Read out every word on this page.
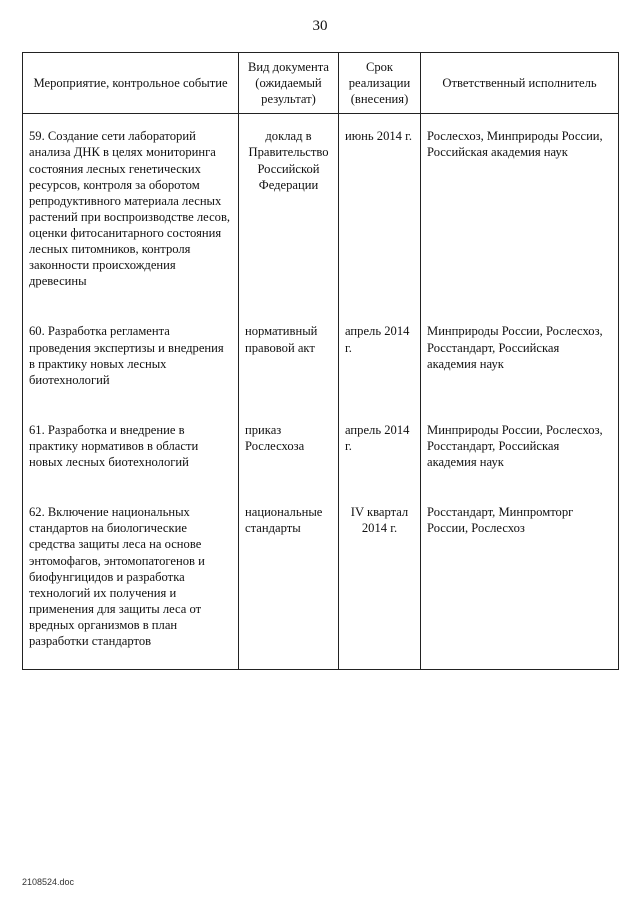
30
Мероприятие, контрольное событие	Вид документа (ожидаемый результат)	Срок реализации (внесения)	Ответственный исполнитель
59. Создание сети лабораторий анализа ДНК в целях мониторинга состояния лесных генетических ресурсов, контроля за оборотом репродуктивного материала лесных растений при воспроизводстве лесов, оценки фитосанитарного состояния лесных питомников, контроля законности происхождения древесины	доклад в Правительство Российской Федерации	июнь 2014 г.	Рослесхоз, Минприроды России, Российская академия наук
60. Разработка регламента проведения экспертизы и внедрения в практику новых лесных биотехнологий	нормативный правовой акт	апрель 2014 г.	Минприроды России, Рослесхоз, Росстандарт, Российская академия наук
61. Разработка и внедрение в практику нормативов в области новых лесных биотехнологий	приказ Рослесхоза	апрель 2014 г.	Минприроды России, Рослесхоз, Росстандарт, Российская академия наук
62. Включение национальных стандартов на биологические средства защиты леса на основе энтомофагов, энтомопатогенов и биофунгицидов и разработка технологий их получения и применения для защиты леса от вредных организмов в план разработки стандартов	национальные стандарты	IV квартал 2014 г.	Росстандарт, Минпромторг России, Рослесхоз
2108524.doc
